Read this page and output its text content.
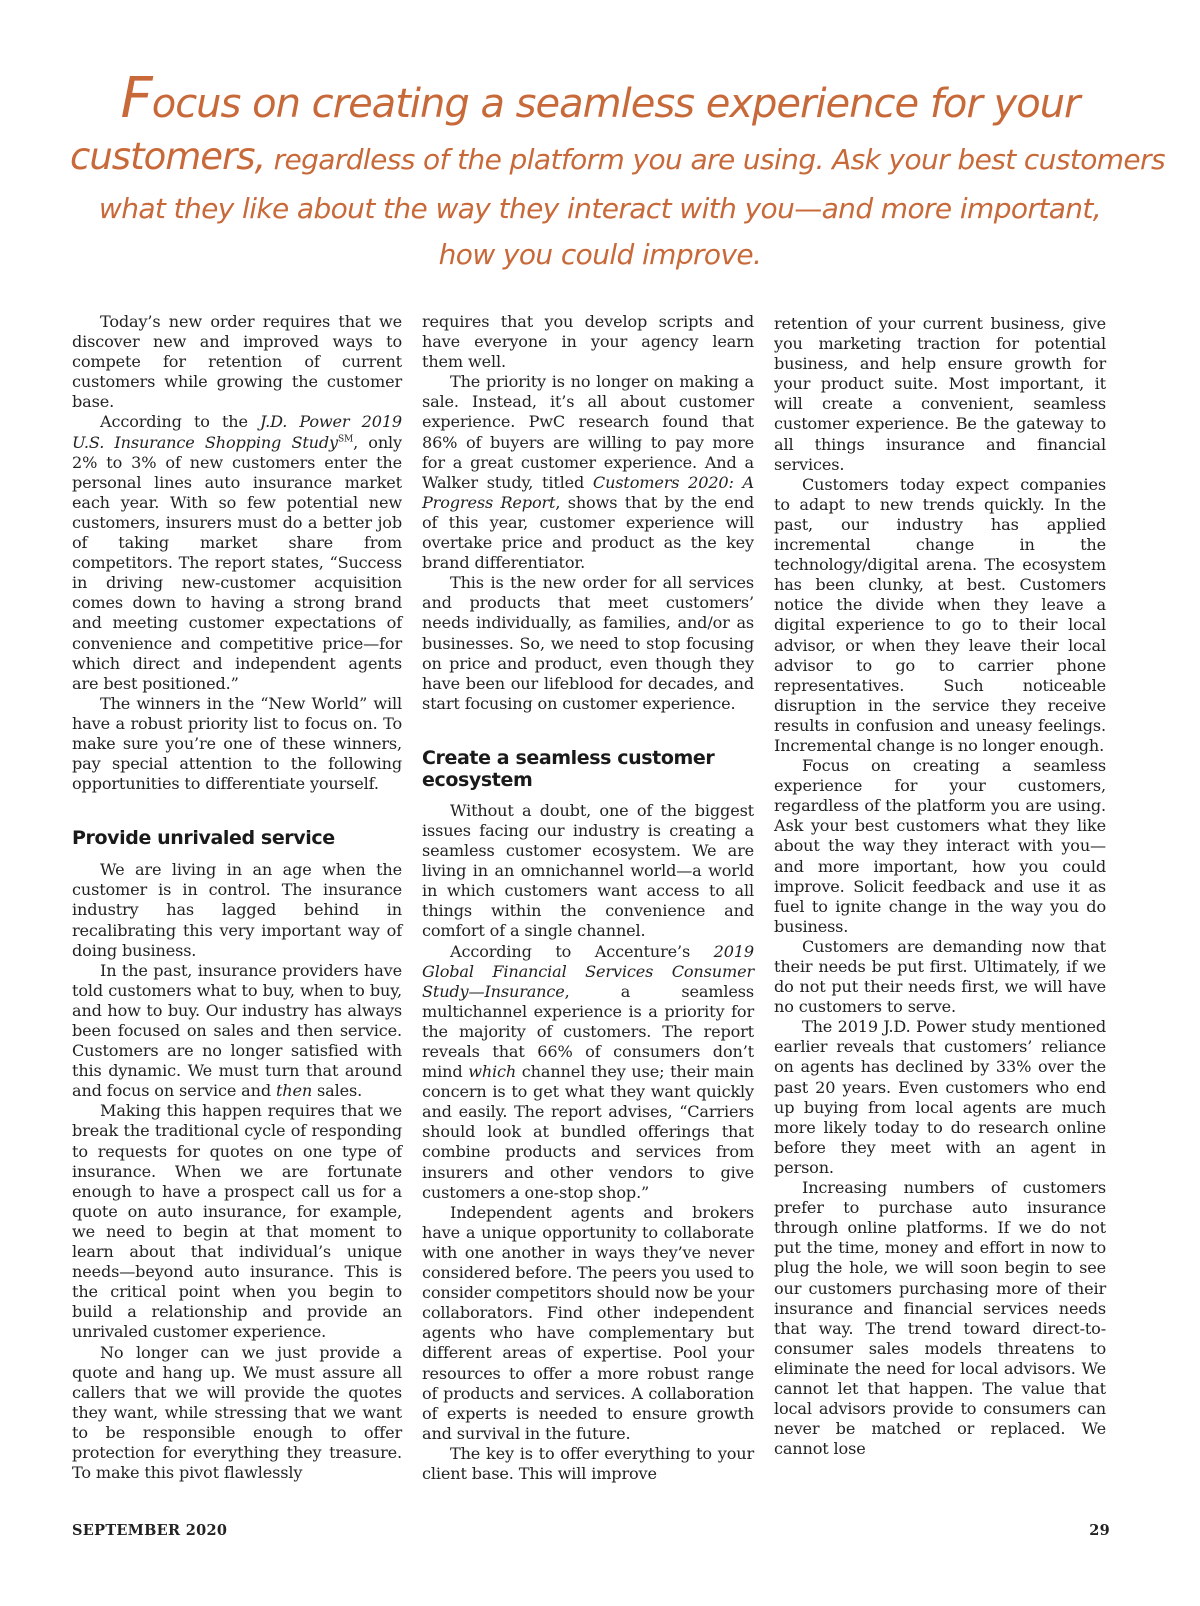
Focus on creating a seamless experience for your
customers, regardless of the platform you are using. Ask your best customers
what they like about the way they interact with you—and more important,
how you could improve.

Today’s new order requires that we discover new and improved ways to compete for retention of current customers while growing the customer base.

According to the J.D. Power 2019 U.S. Insurance Shopping Study℠, only 2% to 3% of new customers enter the personal lines auto insurance market each year. With so few potential new customers, insurers must do a better job of taking market share from competitors. The report states, “Success in driving new-customer acquisition comes down to having a strong brand and meeting customer expectations of convenience and competitive price—for which direct and independent agents are best positioned.”

The winners in the “New World” will have a robust priority list to focus on. To make sure you’re one of these winners, pay special attention to the following opportunities to differentiate yourself.

Provide unrivaled service

We are living in an age when the customer is in control. The insurance industry has lagged behind in recalibrating this very important way of doing business.

In the past, insurance providers have told customers what to buy, when to buy, and how to buy. Our industry has always been focused on sales and then service. Customers are no longer satisfied with this dynamic. We must turn that around and focus on service and then sales.

Making this happen requires that we break the traditional cycle of responding to requests for quotes on one type of insurance. When we are fortunate enough to have a prospect call us for a quote on auto insurance, for example, we need to begin at that moment to learn about that individual’s unique needs—beyond auto insurance. This is the critical point when you begin to build a relationship and provide an unrivaled customer experience.

No longer can we just provide a quote and hang up. We must assure all callers that we will provide the quotes they want, while stressing that we want to be responsible enough to offer protection for everything they treasure. To make this pivot flawlessly

requires that you develop scripts and have everyone in your agency learn them well.

The priority is no longer on making a sale. Instead, it’s all about customer experience. PwC research found that 86% of buyers are willing to pay more for a great customer experience. And a Walker study, titled Customers 2020: A Progress Report, shows that by the end of this year, customer experience will overtake price and product as the key brand differentiator.

This is the new order for all services and products that meet customers’ needs individually, as families, and/or as businesses. So, we need to stop focusing on price and product, even though they have been our lifeblood for decades, and start focusing on customer experience.

Create a seamless customer ecosystem

Without a doubt, one of the biggest issues facing our industry is creating a seamless customer ecosystem. We are living in an omnichannel world—a world in which customers want access to all things within the convenience and comfort of a single channel.

According to Accenture’s 2019 Global Financial Services Consumer Study—Insurance, a seamless multichannel experience is a priority for the majority of customers. The report reveals that 66% of consumers don’t mind which channel they use; their main concern is to get what they want quickly and easily. The report advises, “Carriers should look at bundled offerings that combine products and services from insurers and other vendors to give customers a one-stop shop.”

Independent agents and brokers have a unique opportunity to collaborate with one another in ways they’ve never considered before. The peers you used to consider competitors should now be your collaborators. Find other independent agents who have complementary but different areas of expertise. Pool your resources to offer a more robust range of products and services. A collaboration of experts is needed to ensure growth and survival in the future.

The key is to offer everything to your client base. This will improve

retention of your current business, give you marketing traction for potential business, and help ensure growth for your product suite. Most important, it will create a convenient, seamless customer experience. Be the gateway to all things insurance and financial services.

Customers today expect companies to adapt to new trends quickly. In the past, our industry has applied incremental change in the technology/digital arena. The ecosystem has been clunky, at best. Customers notice the divide when they leave a digital experience to go to their local advisor, or when they leave their local advisor to go to carrier phone representatives. Such noticeable disruption in the service they receive results in confusion and uneasy feelings. Incremental change is no longer enough.

Focus on creating a seamless experience for your customers, regardless of the platform you are using. Ask your best customers what they like about the way they interact with you—and more important, how you could improve. Solicit feedback and use it as fuel to ignite change in the way you do business.

Customers are demanding now that their needs be put first. Ultimately, if we do not put their needs first, we will have no customers to serve.

The 2019 J.D. Power study mentioned earlier reveals that customers’ reliance on agents has declined by 33% over the past 20 years. Even customers who end up buying from local agents are much more likely today to do research online before they meet with an agent in person.

Increasing numbers of customers prefer to purchase auto insurance through online platforms. If we do not put the time, money and effort in now to plug the hole, we will soon begin to see our customers purchasing more of their insurance and financial services needs that way. The trend toward direct-to-consumer sales models threatens to eliminate the need for local advisors. We cannot let that happen. The value that local advisors provide to consumers can never be matched or replaced. We cannot lose

SEPTEMBER 2020	29
